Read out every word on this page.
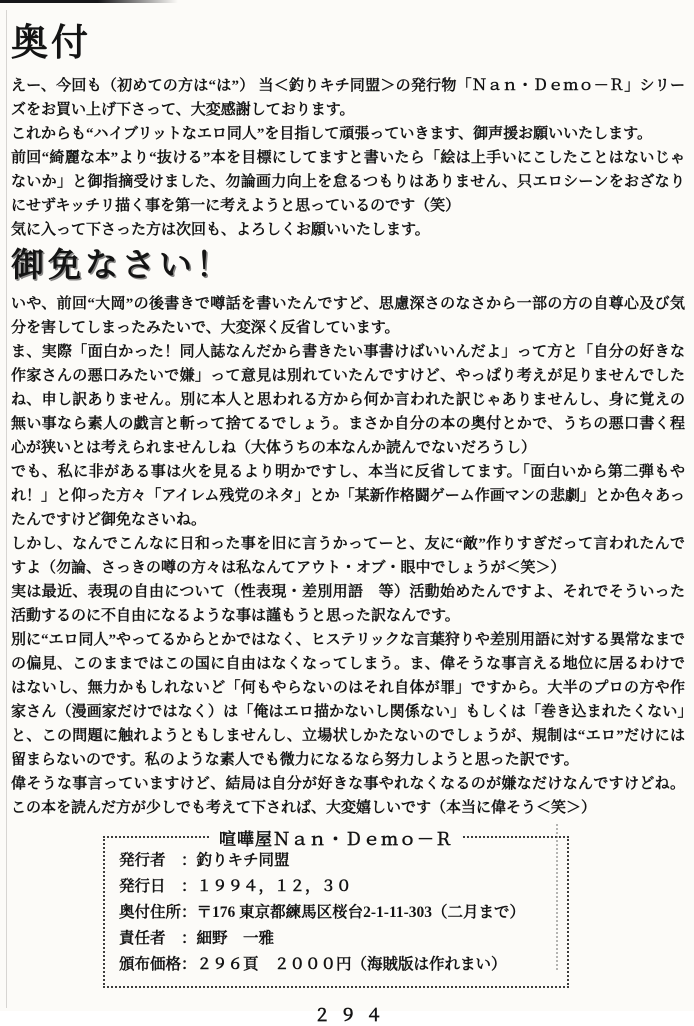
奥付

えー、今回も（初めての方は“は”） 当＜釣りキチ同盟＞の発行物「Ｎａｎ・Ｄｅｍｏ－Ｒ」シリーズをお買い上げ下さって、大変感謝しております。

これからも“ハイブリットなエロ同人”を目指して頑張っていきます、御声援お願いいたします。

前回“綺麗な本”より“抜ける”本を目標にしてますと書いたら「絵は上手いにこしたことはないじゃないか」と御指摘受けました、勿論画力向上を怠るつもりはありません、只エロシーンをおざなりにせずキッチリ描く事を第一に考えようと思っているのです（笑）

気に入って下さった方は次回も、よろしくお願いいたします。

御免なさい！

いや、前回“大岡”の後書きで噂話を書いたんですど、思慮深さのなさから一部の方の自尊心及び気分を害してしまったみたいで、大変深く反省しています。

ま、実際「面白かった！同人誌なんだから書きたい事書けばいいんだよ」って方と「自分の好きな作家さんの悪口みたいで嫌」って意見は別れていたんですけど、やっぱり考えが足りませんでしたね、申し訳ありません。別に本人と思われる方から何か言われた訳じゃありませんし、身に覚えの無い事なら素人の戯言と斬って捨てるでしょう。まさか自分の本の奥付とかで、うちの悪口書く程心が狭いとは考えられませんしね（大体うちの本なんか読んでないだろうし）

でも、私に非がある事は火を見るより明かですし、本当に反省してます。「面白いから第二弾もやれ！」と仰った方々「アイレム残党のネタ」とか「某新作格闘ゲーム作画マンの悲劇」とか色々あったんですけど御免なさいね。

しかし、なんでこんなに日和った事を旧に言うかってーと、友に“敵”作りすぎだって言われたんですよ（勿論、さっきの噂の方々は私なんてアウト・オブ・眼中でしょうが＜笑＞）

実は最近、表現の自由について（性表現・差別用語　等）活動始めたんですよ、それでそういった活動するのに不自由になるような事は謹もうと思った訳なんです。

別に“エロ同人”やってるからとかではなく、ヒステリックな言葉狩りや差別用語に対する異常なまでの偏見、このままではこの国に自由はなくなってしまう。ま、偉そうな事言える地位に居るわけではないし、無力かもしれないど「何もやらないのはそれ自体が罪」ですから。大半のプロの方や作家さん（漫画家だけではなく）は「俺はエロ描かないし関係ない」もしくは「巻き込まれたくない」と、この問題に触れようともしませんし、立場状しかたないのでしょうが、規制は“エロ”だけには留まらないのです。私のような素人でも微力になるなら努力しようと思った訳です。

偉そうな事言っていますけど、結局は自分が好きな事やれなくなるのが嫌なだけなんですけどね。この本を読んだ方が少しでも考えて下されば、大変嬉しいです（本当に偉そう＜笑＞）

喧嘩屋Ｎａｎ・Ｄｅｍｏ－Ｒ
発行者　： 釣りキチ同盟
発行日　： １９９４，１２，３０
奥付住所： 〒176 東京都練馬区桜台2-1-11-303（二月まで）
責任者　： 細野　一雅
頒布価格： ２９６頁　２０００円（海賊版は作れまい）
２９４
